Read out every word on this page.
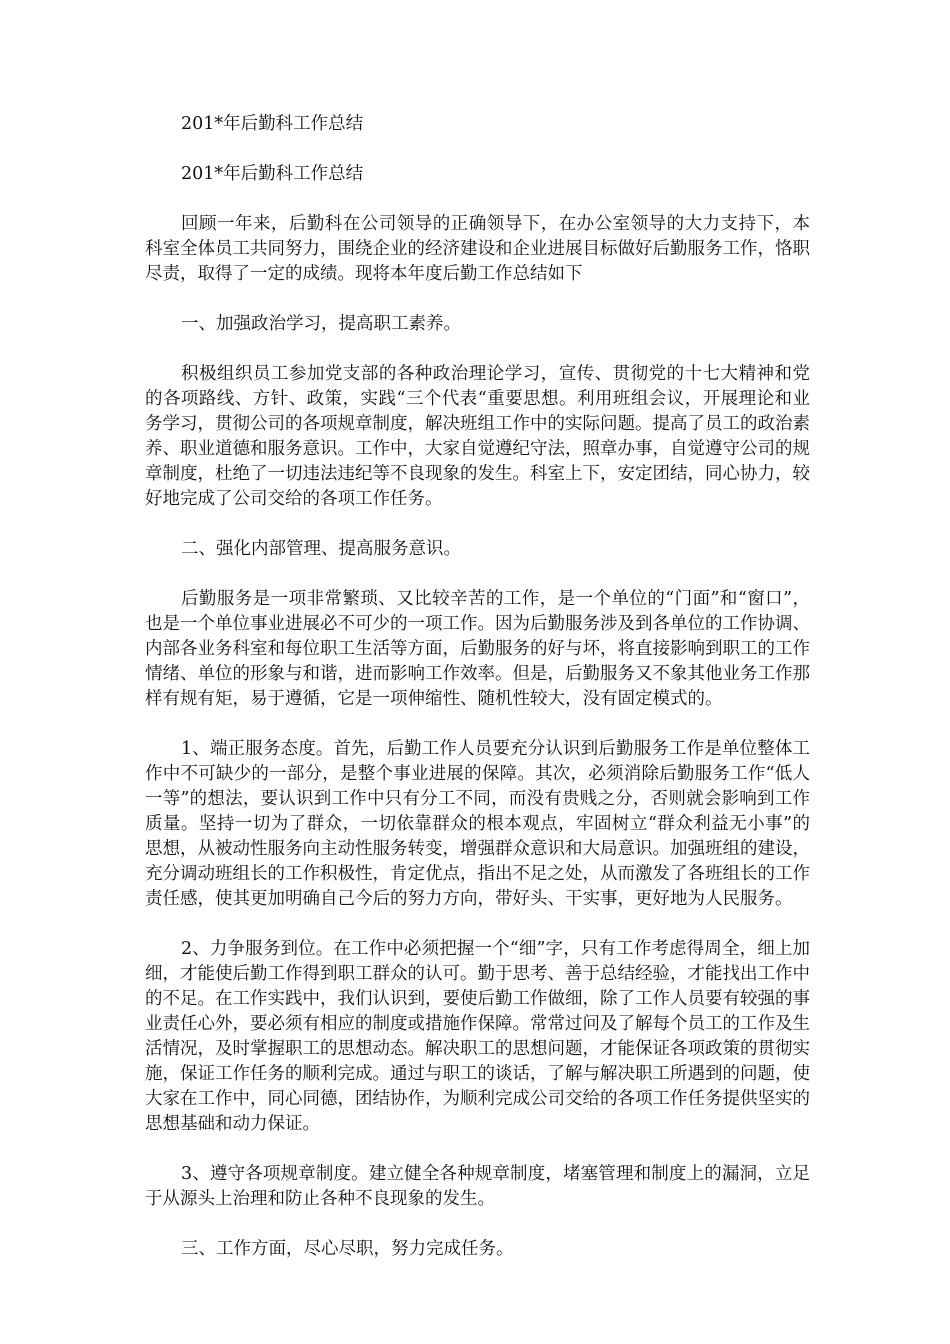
201*年后勤科工作总结

201*年后勤科工作总结

回顾一年来，后勤科在公司领导的正确领导下，在办公室领导的大力支持下，本科室全体员工共同努力，围绕企业的经济建设和企业进展目标做好后勤服务工作，恪职尽责，取得了一定的成绩。现将本年度后勤工作总结如下

一、加强政治学习，提高职工素养。

积极组织员工参加党支部的各种政治理论学习，宣传、贯彻党的十七大精神和党的各项路线、方针、政策，实践“三个代表“重要思想。利用班组会议，开展理论和业务学习，贯彻公司的各项规章制度，解决班组工作中的实际问题。提高了员工的政治素养、职业道德和服务意识。工作中，大家自觉遵纪守法，照章办事，自觉遵守公司的规章制度，杜绝了一切违法违纪等不良现象的发生。科室上下，安定团结，同心协力，较好地完成了公司交给的各项工作任务。

二、强化内部管理、提高服务意识。

后勤服务是一项非常繁琐、又比较辛苦的工作，是一个单位的“门面”和“窗口”，也是一个单位事业进展必不可少的一项工作。因为后勤服务涉及到各单位的工作协调、内部各业务科室和每位职工生活等方面，后勤服务的好与坏，将直接影响到职工的工作情绪、单位的形象与和谐，进而影响工作效率。但是，后勤服务又不象其他业务工作那样有规有矩，易于遵循，它是一项伸缩性、随机性较大，没有固定模式的。

1、端正服务态度。首先，后勤工作人员要充分认识到后勤服务工作是单位整体工作中不可缺少的一部分，是整个事业进展的保障。其次，必须消除后勤服务工作“低人一等”的想法，要认识到工作中只有分工不同，而没有贵贱之分，否则就会影响到工作质量。坚持一切为了群众，一切依靠群众的根本观点，牢固树立“群众利益无小事”的思想，从被动性服务向主动性服务转变，增强群众意识和大局意识。加强班组的建设，充分调动班组长的工作积极性，肯定优点，指出不足之处，从而激发了各班组长的工作责任感，使其更加明确自己今后的努力方向，带好头、干实事，更好地为人民服务。

2、力争服务到位。在工作中必须把握一个“细”字，只有工作考虑得周全，细上加细，才能使后勤工作得到职工群众的认可。勤于思考、善于总结经验，才能找出工作中的不足。在工作实践中，我们认识到，要使后勤工作做细，除了工作人员要有较强的事业责任心外，要必须有相应的制度或措施作保障。常常过问及了解每个员工的工作及生活情况，及时掌握职工的思想动态。解决职工的思想问题，才能保证各项政策的贯彻实施，保证工作任务的顺利完成。通过与职工的谈话，了解与解决职工所遇到的问题，使大家在工作中，同心同德，团结协作，为顺利完成公司交给的各项工作任务提供坚实的思想基础和动力保证。

3、遵守各项规章制度。建立健全各种规章制度，堵塞管理和制度上的漏洞，立足于从源头上治理和防止各种不良现象的发生。

三、工作方面，尽心尽职，努力完成任务。
